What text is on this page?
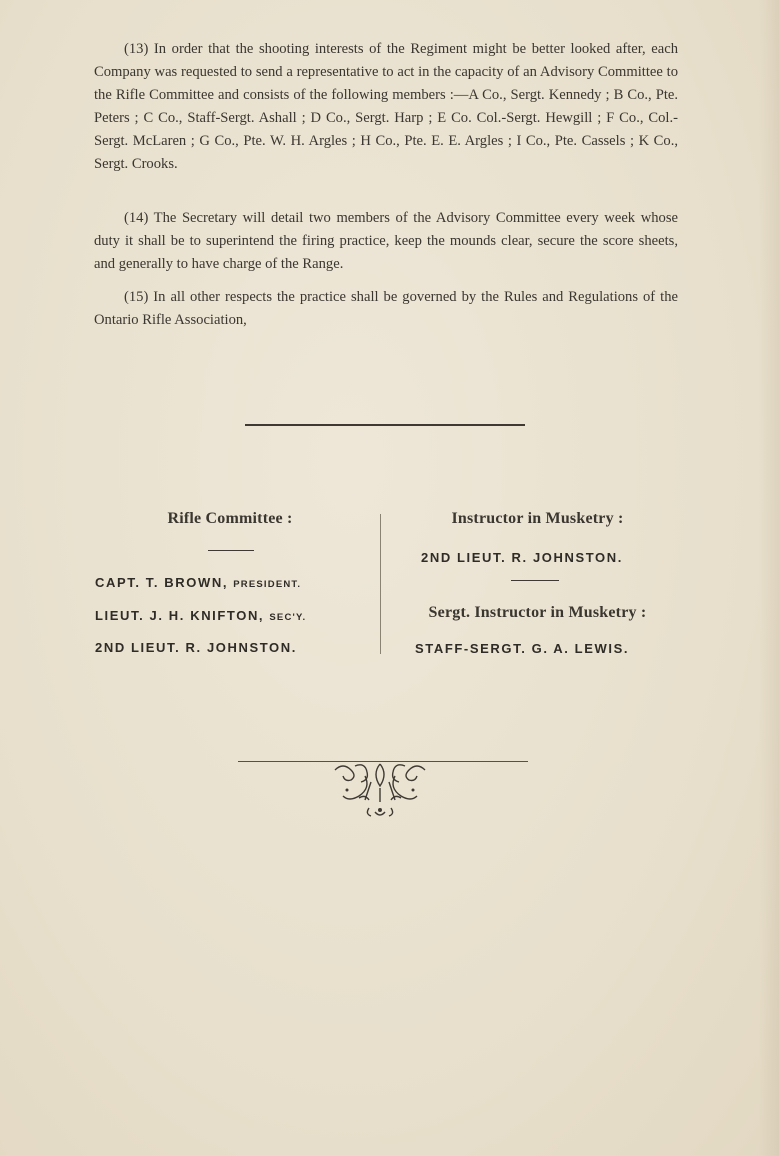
(13) In order that the shooting interests of the Regiment might be better looked after, each Company was requested to send a representative to act in the capacity of an Advisory Committee to the Rifle Committee and consists of the following members :—A Co., Sergt. Kennedy ; B Co., Pte. Peters ; C Co., Staff-Sergt. Ashall ; D Co., Sergt. Harp ; E Co. Col.-Sergt. Hewgill ; F Co., Col.-Sergt. McLaren ; G Co., Pte. W. H. Argles ; H Co., Pte. E. E. Argles ; I Co., Pte. Cassels ; K Co., Sergt. Crooks.

(14) The Secretary will detail two members of the Advisory Committee every week whose duty it shall be to superintend the firing practice, keep the mounds clear, secure the score sheets, and generally to have charge of the Range.

(15) In all other respects the practice shall be governed by the Rules and Regulations of the Ontario Rifle Association,

Rifle Committee :
CAPT. T. BROWN, PRESIDENT.
LIEUT. J. H. KNIFTON, SEC'Y.
2ND LIEUT. R. JOHNSTON.
Instructor in Musketry :
2ND LIEUT. R. JOHNSTON.
Sergt. Instructor in Musketry :
STAFF-SERGT. G. A. LEWIS.
